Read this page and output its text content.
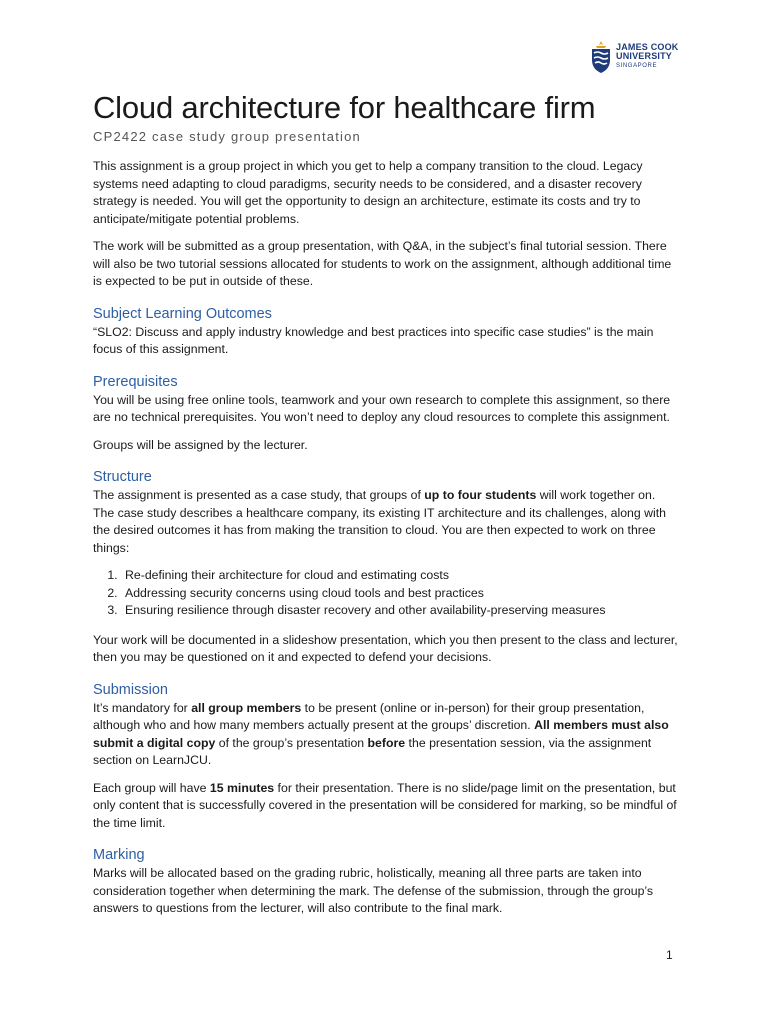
JAMES COOK
UNIVERSITY
SINGAPORE
Cloud architecture for healthcare firm
CP2422 case study group presentation

This assignment is a group project in which you get to help a company transition to the cloud. Legacy systems need adapting to cloud paradigms, security needs to be considered, and a disaster recovery strategy is needed. You will get the opportunity to design an architecture, estimate its costs and try to anticipate/mitigate potential problems.

The work will be submitted as a group presentation, with Q&A, in the subject’s final tutorial session. There will also be two tutorial sessions allocated for students to work on the assignment, although additional time is expected to be put in outside of these.

Subject Learning Outcomes

“SLO2: Discuss and apply industry knowledge and best practices into specific case studies” is the main focus of this assignment.

Prerequisites

You will be using free online tools, teamwork and your own research to complete this assignment, so there are no technical prerequisites. You won’t need to deploy any cloud resources to complete this assignment.

Groups will be assigned by the lecturer.

Structure

The assignment is presented as a case study, that groups of up to four students will work together on. The case study describes a healthcare company, its existing IT architecture and its challenges, along with the desired outcomes it has from making the transition to cloud. You are then expected to work on three things:

1. Re-defining their architecture for cloud and estimating costs
2. Addressing security concerns using cloud tools and best practices
3. Ensuring resilience through disaster recovery and other availability-preserving measures

Your work will be documented in a slideshow presentation, which you then present to the class and lecturer, then you may be questioned on it and expected to defend your decisions.

Submission

It’s mandatory for all group members to be present (online or in-person) for their group presentation, although who and how many members actually present at the groups’ discretion. All members must also submit a digital copy of the group’s presentation before the presentation session, via the assignment section on LearnJCU.

Each group will have 15 minutes for their presentation. There is no slide/page limit on the presentation, but only content that is successfully covered in the presentation will be considered for marking, so be mindful of the time limit.

Marking

Marks will be allocated based on the grading rubric, holistically, meaning all three parts are taken into consideration together when determining the mark. The defense of the submission, through the group’s answers to questions from the lecturer, will also contribute to the final mark.

1
